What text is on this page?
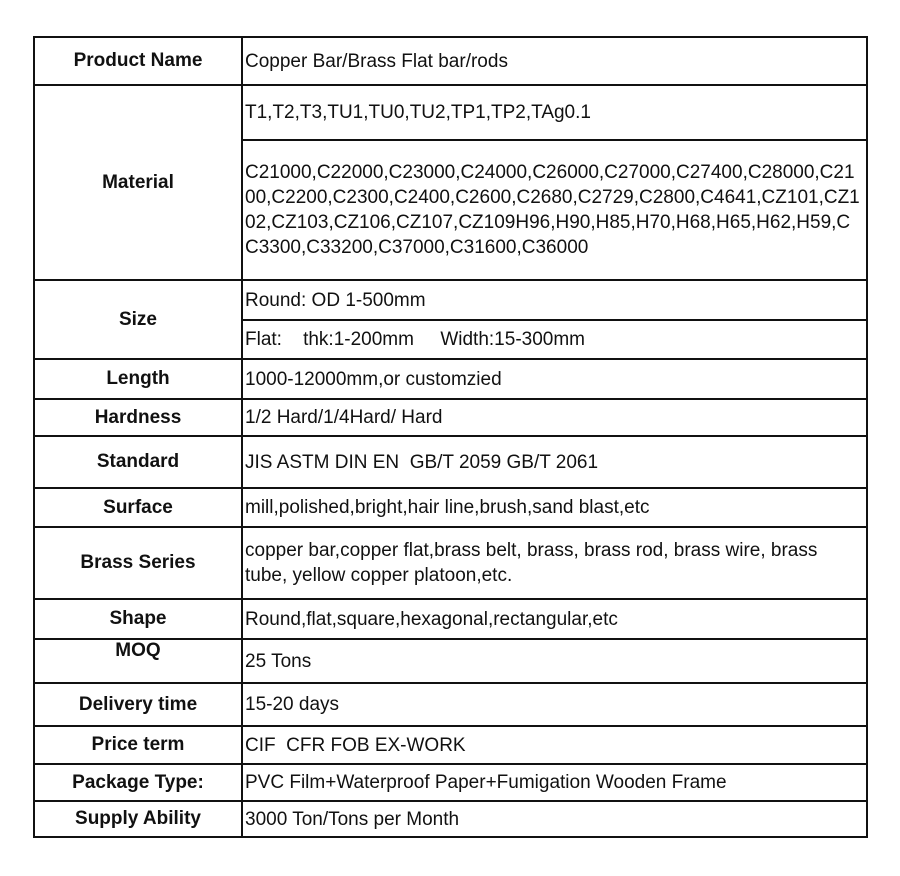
Product Name	Copper Bar/Brass Flat bar/rods
Material	T1,T2,T3,TU1,TU0,TU2,TP1,TP2,TAg0.1
	C21000,C22000,C23000,C24000,C26000,C27000,C27400,C28000,C2100,C2200,C2300,C2400,C2600,C2680,C2729,C2800,C4641,CZ101,CZ102,CZ103,CZ106,CZ107,CZ109H96,H90,H85,H70,H68,H65,H62,H59,CC3300,C33200,C37000,C31600,C36000
Size	Round: OD 1-500mm
	Flat:    thk:1-200mm     Width:15-300mm
Length	1000-12000mm,or customzied
Hardness	1/2 Hard/1/4Hard/ Hard
Standard	JIS ASTM DIN EN  GB/T 2059 GB/T 2061
Surface	mill,polished,bright,hair line,brush,sand blast,etc
Brass Series	copper bar,copper flat,brass belt, brass, brass rod, brass wire, brass tube, yellow copper platoon,etc.
Shape	Round,flat,square,hexagonal,rectangular,etc
MOQ	25 Tons
Delivery time	15-20 days
Price term	CIF  CFR FOB EX-WORK
Package Type:	PVC Film+Waterproof Paper+Fumigation Wooden Frame
Supply Ability	3000 Ton/Tons per Month
